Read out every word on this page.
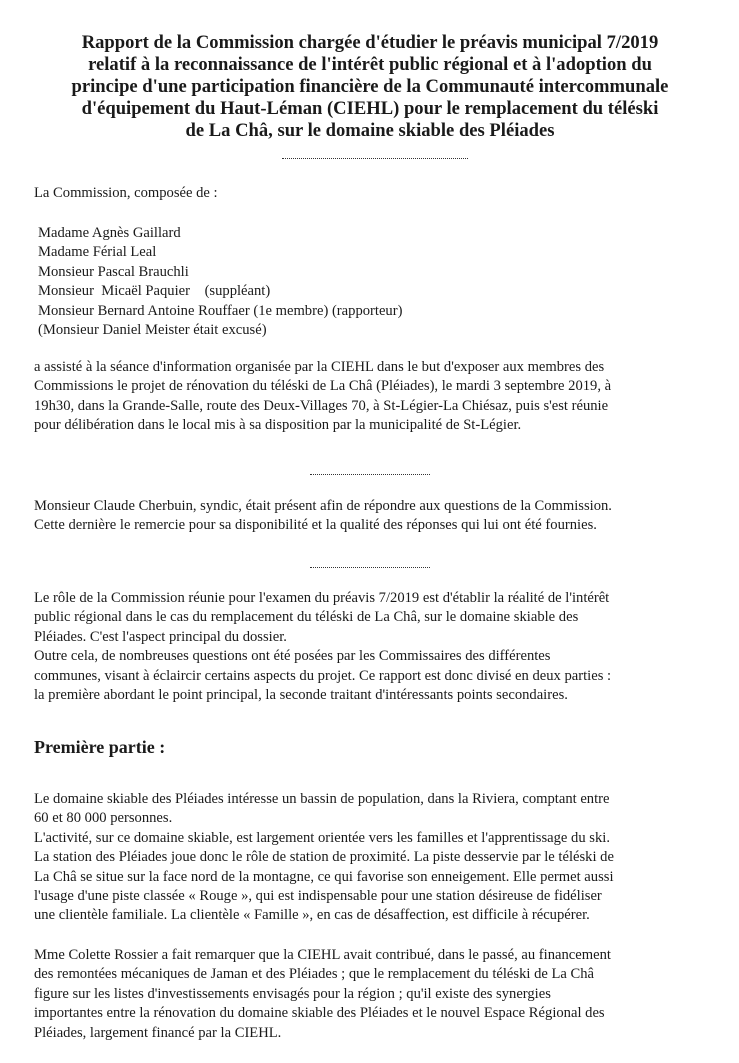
Rapport de la Commission chargée d'étudier le préavis municipal 7/2019
relatif à la reconnaissance de l'intérêt public régional et à l'adoption du
principe d'une participation financière de la Communauté intercommunale
d'équipement du Haut-Léman (CIEHL) pour le remplacement du téléski
de La Châ, sur le domaine skiable des Pléiades

La Commission, composée de :

Madame Agnès Gaillard
Madame Férial Leal
Monsieur Pascal Brauchli
Monsieur  Micaël Paquier    (suppléant)
Monsieur Bernard Antoine Rouffaer (1e membre) (rapporteur)
(Monsieur Daniel Meister était excusé)

a assisté à la séance d'information organisée par la CIEHL dans le but d'exposer aux membres des
Commissions le projet de rénovation du téléski de La Châ (Pléiades), le mardi 3 septembre 2019, à
19h30, dans la Grande-Salle, route des Deux-Villages 70, à St-Légier-La Chiésaz, puis s'est réunie
pour délibération dans le local mis à sa disposition par la municipalité de St-Légier.

Monsieur Claude Cherbuin, syndic, était présent afin de répondre aux questions de la Commission.
Cette dernière le remercie pour sa disponibilité et la qualité des réponses qui lui ont été fournies.

Le rôle de la Commission réunie pour l'examen du préavis 7/2019 est d'établir la réalité de l'intérêt
public régional dans le cas du remplacement du téléski de La Châ, sur le domaine skiable des
Pléiades. C'est l'aspect principal du dossier.
Outre cela, de nombreuses questions ont été posées par les Commissaires des différentes
communes, visant à éclaircir certains aspects du projet. Ce rapport est donc divisé en deux parties :
la première abordant le point principal, la seconde traitant d'intéressants points secondaires.

Première partie :

Le domaine skiable des Pléiades intéresse un bassin de population, dans la Riviera, comptant entre
60 et 80 000 personnes.
L'activité, sur ce domaine skiable, est largement orientée vers les familles et l'apprentissage du ski.
La station des Pléiades joue donc le rôle de station de proximité. La piste desservie par le téléski de
La Châ se situe sur la face nord de la montagne, ce qui favorise son enneigement. Elle permet aussi
l'usage d'une piste classée « Rouge », qui est indispensable pour une station désireuse de fidéliser
une clientèle familiale. La clientèle « Famille », en cas de désaffection, est difficile à récupérer.

Mme Colette Rossier a fait remarquer que la CIEHL avait contribué, dans le passé, au financement
des remontées mécaniques de Jaman et des Pléiades ; que le remplacement du téléski de La Châ
figure sur les listes d'investissements envisagés pour la région ; qu'il existe des synergies
importantes entre la rénovation du domaine skiable des Pléiades et le nouvel Espace Régional des
Pléiades, largement financé par la CIEHL.
